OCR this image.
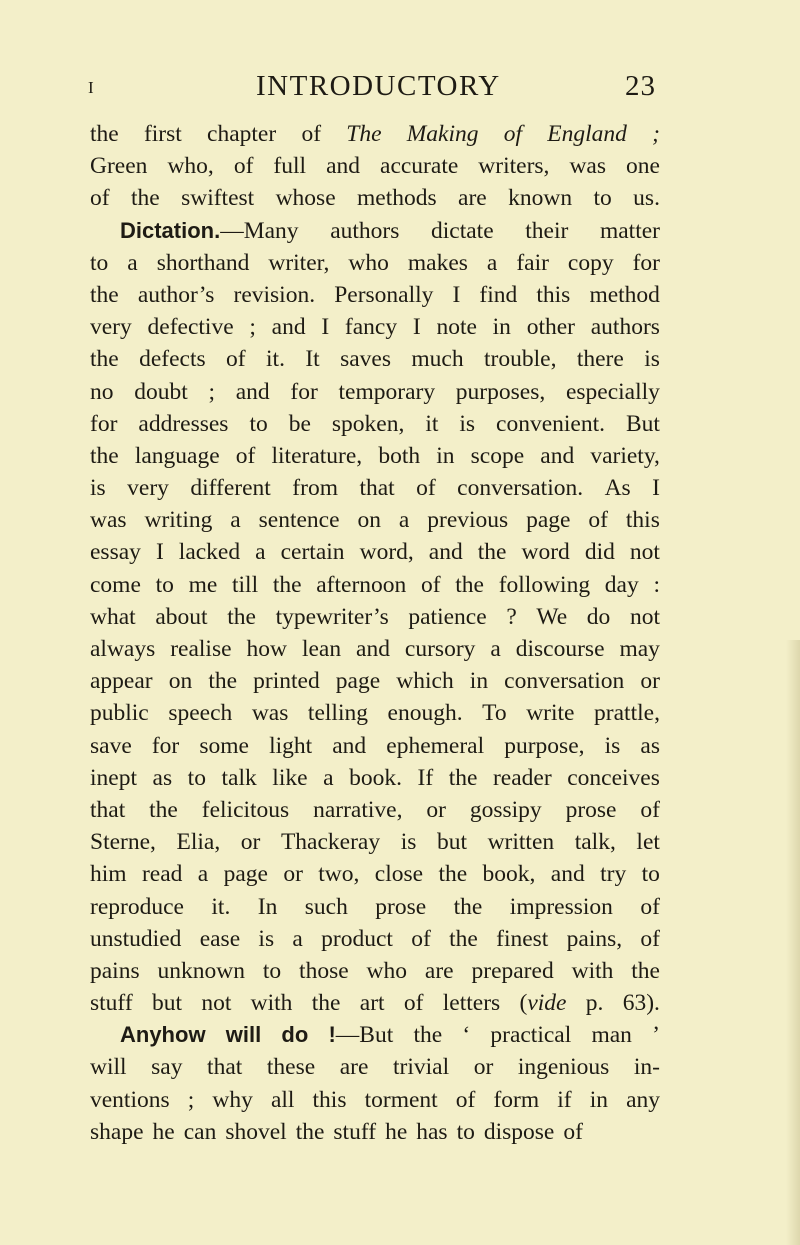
I	INTRODUCTORY	23
the first chapter of The Making of England ;
Green who, of full and accurate writers, was one
of the swiftest whose methods are known to us.
Dictation.—Many authors dictate their matter
to a shorthand writer, who makes a fair copy for
the author’s revision. Personally I find this method
very defective ; and I fancy I note in other authors
the defects of it. It saves much trouble, there is
no doubt ; and for temporary purposes, especially
for addresses to be spoken, it is convenient. But
the language of literature, both in scope and variety,
is very different from that of conversation. As I
was writing a sentence on a previous page of this
essay I lacked a certain word, and the word did not
come to me till the afternoon of the following day :
what about the typewriter’s patience ? We do not
always realise how lean and cursory a discourse may
appear on the printed page which in conversation or
public speech was telling enough. To write prattle,
save for some light and ephemeral purpose, is as
inept as to talk like a book. If the reader conceives
that the felicitous narrative, or gossipy prose of
Sterne, Elia, or Thackeray is but written talk, let
him read a page or two, close the book, and try to
reproduce it. In such prose the impression of
unstudied ease is a product of the finest pains, of
pains unknown to those who are prepared with the
stuff but not with the art of letters (vide p. 63).
Anyhow will do !—But the ‘ practical man ’
will say that these are trivial or ingenious in-
ventions ; why all this torment of form if in any
shape he can shovel the stuff he has to dispose of
